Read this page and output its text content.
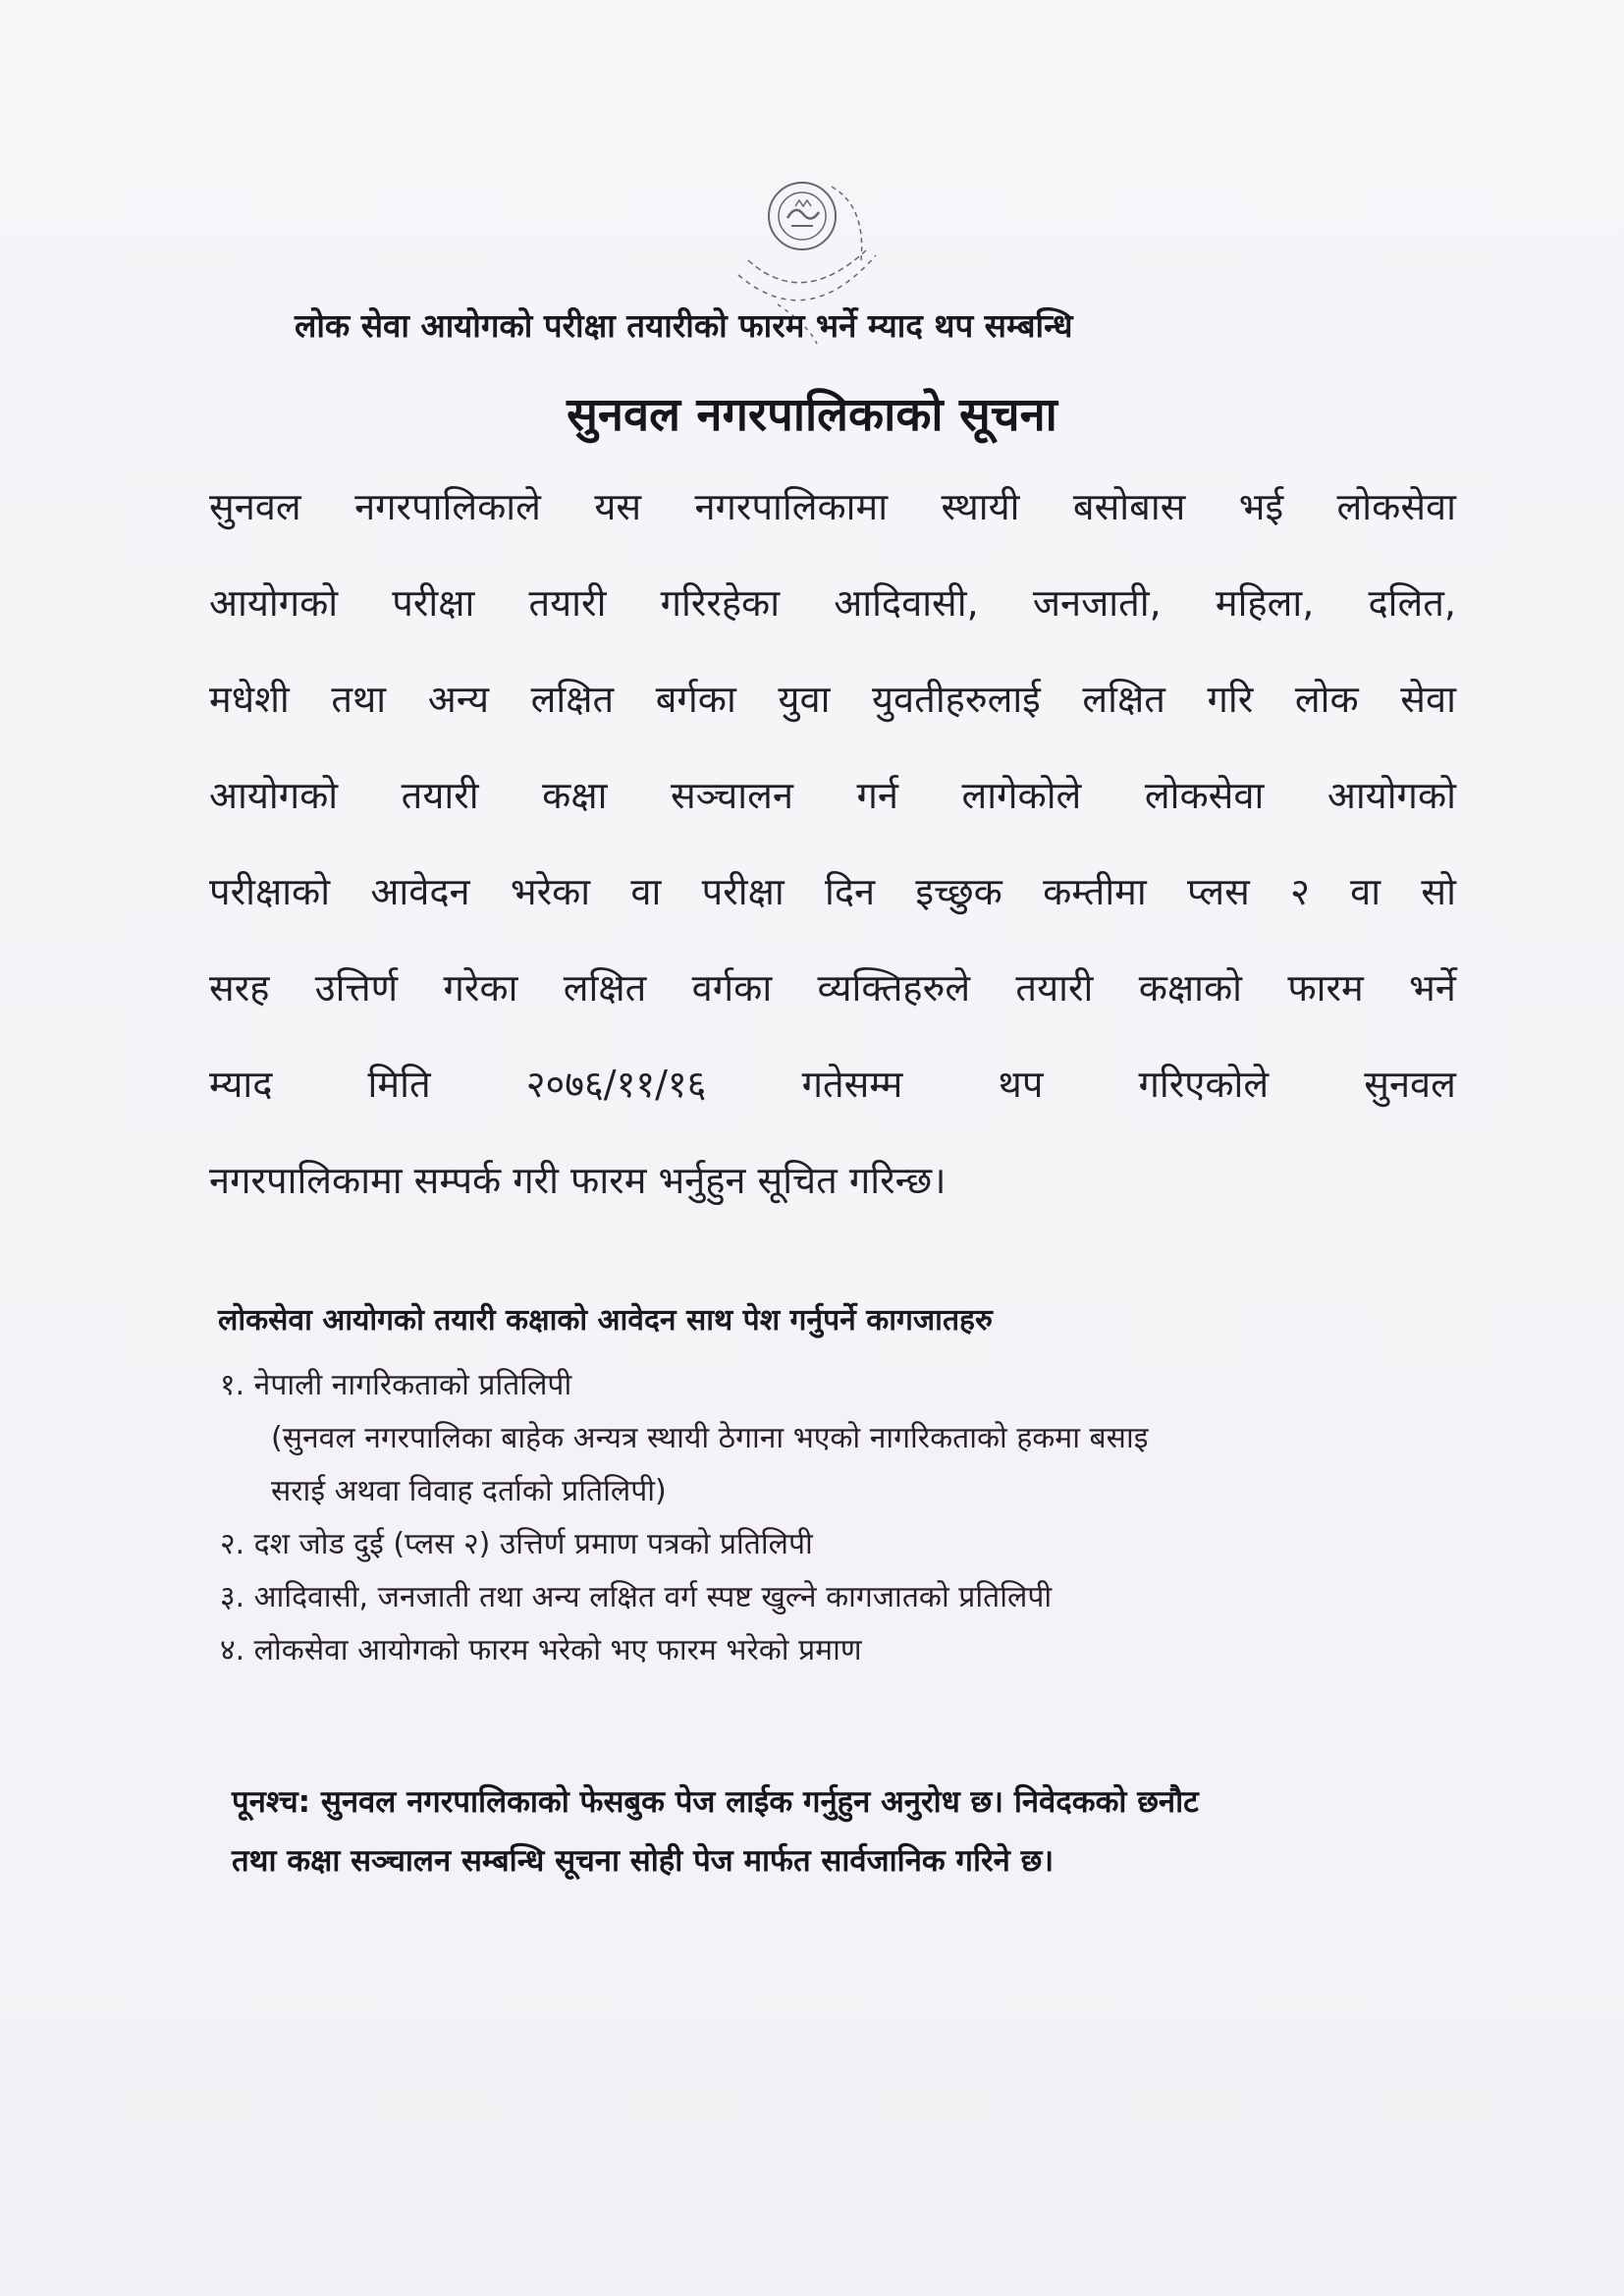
लोक सेवा आयोगको परीक्षा तयारीको फारम भर्ने म्याद थप सम्बन्धि
सुनवल नगरपालिकाको सूचना
सुनवल नगरपालिकाले यस नगरपालिकामा स्थायी बसोबास भई लोकसेवा
आयोगको परीक्षा तयारी गरिरहेका आदिवासी, जनजाती, महिला, दलित,
मधेशी तथा अन्य लक्षित बर्गका युवा युवतीहरुलाई लक्षित गरि लोक सेवा
आयोगको तयारी कक्षा सञ्चालन गर्न लागेकोले लोकसेवा आयोगको
परीक्षाको आवेदन भरेका वा परीक्षा दिन इच्छुक कम्तीमा प्लस २ वा सो
सरह उत्तिर्ण गरेका लक्षित वर्गका व्यक्तिहरुले तयारी कक्षाको फारम भर्ने
म्याद	मिति	२०७६/११/१६	गतेसम्म	थप	गरिएकोले	सुनवल
नगरपालिकामा सम्पर्क गरी फारम भर्नुहुन सूचित गरिन्छ।
लोकसेवा आयोगको तयारी कक्षाको आवेदन साथ पेश गर्नुपर्ने कागजातहरु
१. नेपाली नागरिकताको प्रतिलिपी
(सुनवल नगरपालिका बाहेक अन्यत्र स्थायी ठेगाना भएको नागरिकताको हकमा बसाइ
सराई अथवा विवाह दर्ताको प्रतिलिपी)
२. दश जोड दुई (प्लस २) उत्तिर्ण प्रमाण पत्रको प्रतिलिपी
३. आदिवासी, जनजाती तथा अन्य लक्षित वर्ग स्पष्ट खुल्ने कागजातको प्रतिलिपी
४. लोकसेवा आयोगको फारम भरेको भए फारम भरेको प्रमाण
पूनश्च: सुनवल नगरपालिकाको फेसबुक पेज लाईक गर्नुहुन अनुरोध छ। निवेदकको छनौट
तथा कक्षा सञ्चालन सम्बन्धि सूचना सोही पेज मार्फत सार्वजानिक गरिने छ।
